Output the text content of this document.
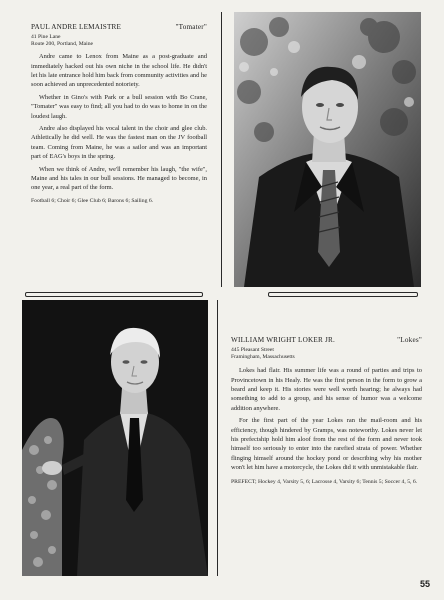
PAUL ANDRE LEMAISTRE	"Tomater"
41 Pine Lane
Route 200, Portland, Maine

Andre came to Lenox from Maine as a post-graduate and immediately hacked out his own niche in the school life. He didn't let his late entrance hold him back from community activities and he soon achieved an unprecedented notoriety.

Whether in Gino's with Park or a bull session with Bo Crane, "Tomater" was easy to find; all you had to do was to home in on the loudest laugh.

Andre also displayed his vocal talent in the choir and glee club. Athletically he did well. He was the fastest man on the JV football team. Coming from Maine, he was a sailor and was an important part of EAG's boys in the spring.

When we think of Andre, we'll remember his laugh, "the wife", Maine and his tales in our bull sessions. He managed to become, in one year, a real part of the form.

Football 6; Choir 6; Glee Club 6; Barons 6; Sailing 6.
WILLIAM WRIGHT LOKER JR.	"Lokes"
445 Pleasant Street
Framingham, Massachusetts

Lokes had flair. His summer life was a round of parties and trips to Provincetown in his Healy. He was the first person in the form to grow a beard and keep it. His stories were well worth hearing; he always had something to add to a group, and his sense of humor was a welcome addition anywhere.

For the first part of the year Lokes ran the mail-room and his efficiency, though hindered by Gramps, was noteworthy. Lokes never let his prefectship hold him aloof from the rest of the form and never took himself too seriously to enter into the rarefied strata of power. Whether flinging himself around the hockey pond or describing why his mother won't let him have a motorcycle, the Lokes did it with unmistakable flair.

PREFECT; Hockey 4, Varsity 5, 6; Lacrosse 4, Varsity 6; Tennis 5; Soccer 4, 5, 6.
55
